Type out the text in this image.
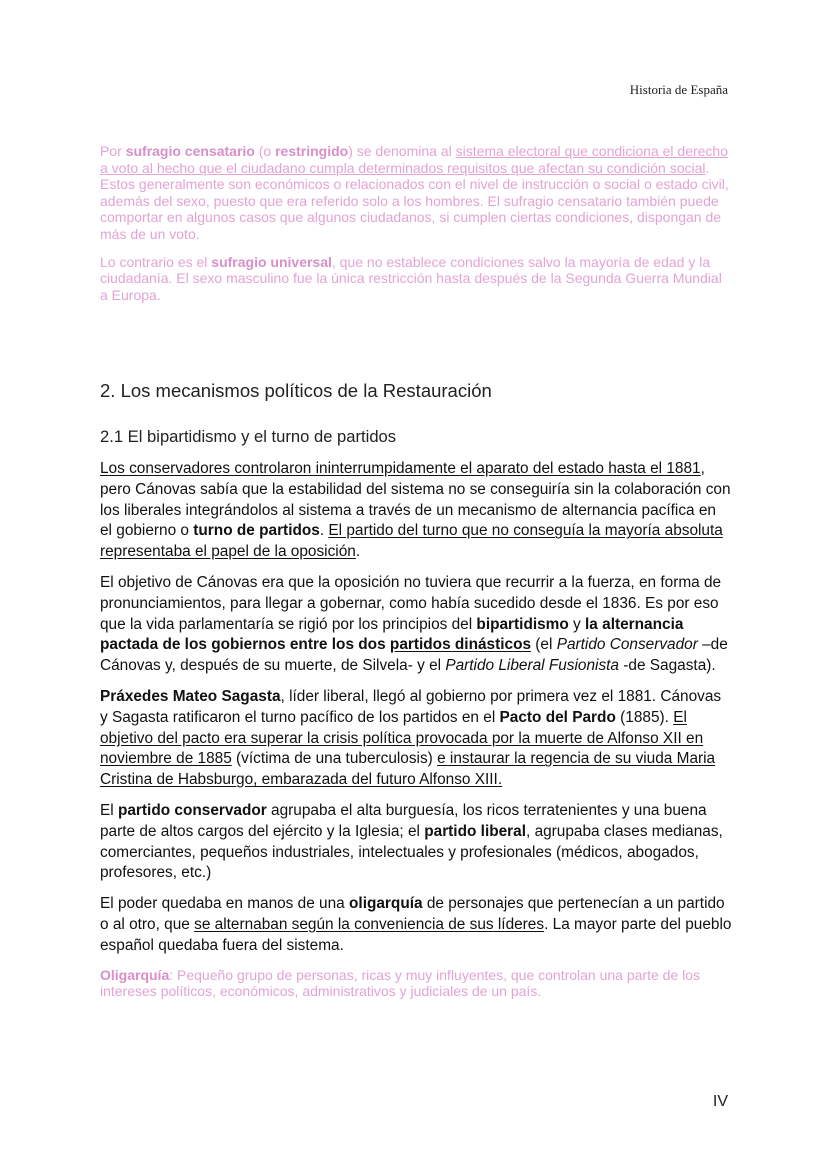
Historia de España

Por sufragio censatario (o restringido) se denomina al sistema electoral que condiciona el derecho a voto al hecho que el ciudadano cumpla determinados requisitos que afectan su condición social. Estos generalmente son económicos o relacionados con el nivel de instrucción o social o estado civil, además del sexo, puesto que era referido solo a los hombres. El sufragio censatario también puede comportar en algunos casos que algunos ciudadanos, si cumplen ciertas condiciones, dispongan de más de un voto.

Lo contrario es el sufragio universal, que no establece condiciones salvo la mayoría de edad y la ciudadanía. El sexo masculino fue la única restricción hasta después de la Segunda Guerra Mundial a Europa.

2. Los mecanismos políticos de la Restauración
2.1 El bipartidismo y el turno de partidos

Los conservadores controlaron ininterrumpidamente el aparato del estado hasta el 1881, pero Cánovas sabía que la estabilidad del sistema no se conseguiría sin la colaboración con los liberales integrándolos al sistema a través de un mecanismo de alternancia pacífica en el gobierno o turno de partidos. El partido del turno que no conseguía la mayoría absoluta representaba el papel de la oposición.

El objetivo de Cánovas era que la oposición no tuviera que recurrir a la fuerza, en forma de pronunciamientos, para llegar a gobernar, como había sucedido desde el 1836. Es por eso que la vida parlamentaría se rigió por los principios del bipartidismo y la alternancia pactada de los gobiernos entre los dos partidos dinásticos (el Partido Conservador –de Cánovas y, después de su muerte, de Silvela- y el Partido Liberal Fusionista -de Sagasta).

Práxedes Mateo Sagasta, líder liberal, llegó al gobierno por primera vez el 1881. Cánovas y Sagasta ratificaron el turno pacífico de los partidos en el Pacto del Pardo (1885). El objetivo del pacto era superar la crisis política provocada por la muerte de Alfonso XII en noviembre de 1885 (víctima de una tuberculosis) e instaurar la regencia de su viuda Maria Cristina de Habsburgo, embarazada del futuro Alfonso XIII.

El partido conservador agrupaba el alta burguesía, los ricos terratenientes y una buena parte de altos cargos del ejército y la Iglesia; el partido liberal, agrupaba clases medianas, comerciantes, pequeños industriales, intelectuales y profesionales (médicos, abogados, profesores, etc.)

El poder quedaba en manos de una oligarquía de personajes que pertenecían a un partido o al otro, que se alternaban según la conveniencia de sus líderes. La mayor parte del pueblo español quedaba fuera del sistema.

Oligarquía: Pequeño grupo de personas, ricas y muy influyentes, que controlan una parte de los intereses políticos, económicos, administrativos y judiciales de un país.

IV
